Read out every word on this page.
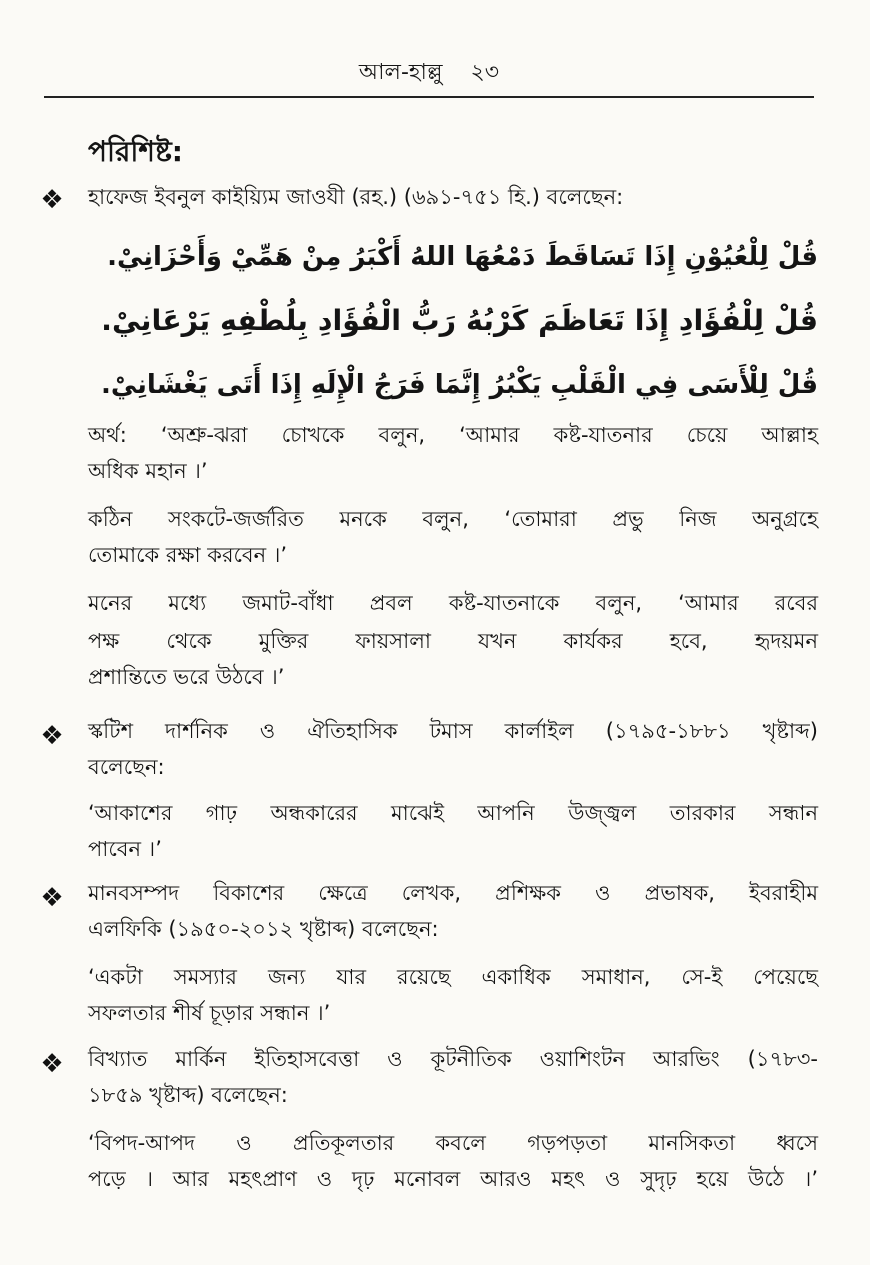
আল-হাল্লু ২৩
পরিশিষ্ট:
❖ হাফেজ ইবনুল কাইয়্যিম জাওযী (রহ.) (৬৯১-৭৫১ হি.) বলেছেন:
قُلْ لِلْعُيُوْنِ إِذَا تَسَاقَطَ دَمْعُهَا اللهُ أَكْبَرُ مِنْ هَمِّيْ وَأَحْزَانِيْ.
قُلْ لِلْفُؤَادِ إِذَا تَعَاظَمَ كَرْبُهُ رَبُّ الْفُؤَادِ بِلُطْفِهِ يَرْعَانِيْ.
قُلْ لِلْأَسَى فِي الْقَلْبِ يَكْبُرُ إِنَّمَا فَرَجُ الْإِلَهِ إِذَا أَتَى يَغْشَانِيْ.
অর্থ: ‘অশ্রু-ঝরা চোখকে বলুন, ‘আমার কষ্ট-যাতনার চেয়ে আল্লাহ
অধিক মহান ।’
কঠিন সংকটে-জর্জরিত মনকে বলুন, ‘তোমারা প্রভু নিজ অনুগ্রহে
তোমাকে রক্ষা করবেন ।’
মনের মধ্যে জমাট-বাঁধা প্রবল কষ্ট-যাতনাকে বলুন, ‘আমার রবের
পক্ষ থেকে মুক্তির ফায়সালা যখন কার্যকর হবে, হৃদয়মন
প্রশান্তিতে ভরে উঠবে ।’
❖ স্কটিশ দার্শনিক ও ঐতিহাসিক টমাস কার্লাইল (১৭৯৫-১৮৮১ খৃষ্টাব্দ)
বলেছেন:
‘আকাশের গাঢ় অন্ধকারের মাঝেই আপনি উজ্জ্বল তারকার সন্ধান
পাবেন ।’
❖ মানবসম্পদ বিকাশের ক্ষেত্রে লেখক, প্রশিক্ষক ও প্রভাষক, ইবরাহীম
এলফিকি (১৯৫০-২০১২ খৃষ্টাব্দ) বলেছেন:
‘একটা সমস্যার জন্য যার রয়েছে একাধিক সমাধান, সে-ই পেয়েছে
সফলতার শীর্ষ চূড়ার সন্ধান ।’
❖ বিখ্যাত মার্কিন ইতিহাসবেত্তা ও কূটনীতিক ওয়াশিংটন আরভিং (১৭৮৩-
১৮৫৯ খৃষ্টাব্দ) বলেছেন:
‘বিপদ-আপদ ও প্রতিকূলতার কবলে গড়পড়তা মানসিকতা ধ্বসে
পড়ে । আর মহৎপ্রাণ ও দৃঢ় মনোবল আরও মহৎ ও সুদৃঢ় হয়ে উঠে ।’
